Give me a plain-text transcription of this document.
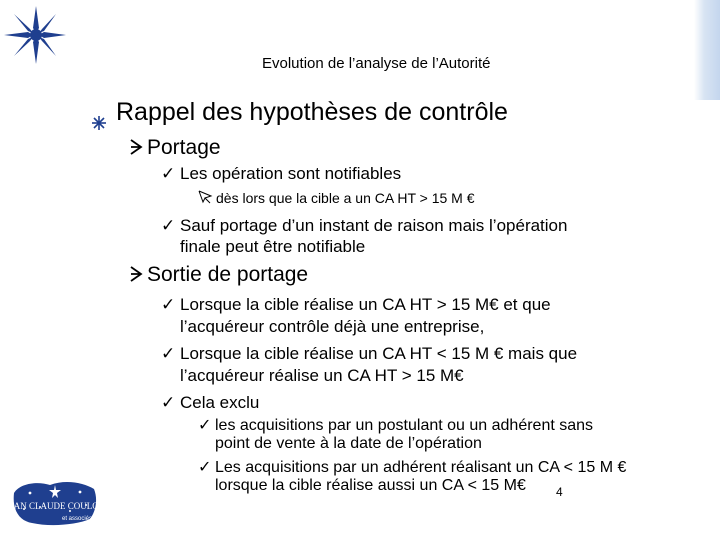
Evolution de l’analyse de l’Autorité
Rappel des hypothèses de contrôle
Portage
✓ Les opération sont notifiables
dès lors que la cible a un CA HT > 15 M €
✓ Sauf portage d’un instant de raison mais l’opération
finale peut être notifiable
Sortie de portage
✓ Lorsque la cible réalise un CA HT > 15 M€ et que
l’acquéreur contrôle déjà une entreprise,
✓ Lorsque la cible réalise un CA HT < 15 M € mais que
l’acquéreur réalise un CA HT > 15 M€
✓ Cela exclu
✓ les acquisitions par un postulant ou un adhérent sans
point de vente à la date de l’opération
✓ Les acquisitions par un adhérent réalisant un CA < 15 M €
lorsque la cible réalise aussi un CA < 15 M€
JEAN CLAUDE COULON
et associés
4
